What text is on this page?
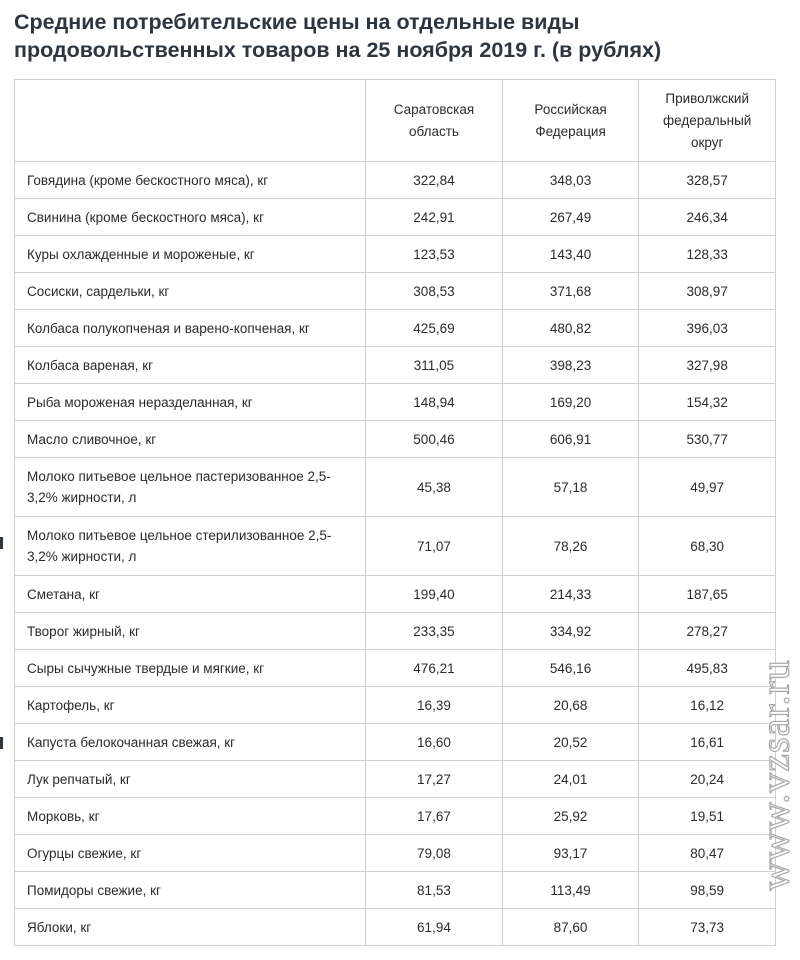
Средние потребительские цены на отдельные виды продовольственных товаров на 25 ноября 2019 г. (в рублях)
	Саратовская область	Российская Федерация	Приволжский федеральный округ
Говядина (кроме бескостного мяса), кг	322,84	348,03	328,57
Свинина (кроме бескостного мяса), кг	242,91	267,49	246,34
Куры охлажденные и мороженые, кг	123,53	143,40	128,33
Сосиски, сардельки, кг	308,53	371,68	308,97
Колбаса полукопченая и варено-копченая, кг	425,69	480,82	396,03
Колбаса вареная, кг	311,05	398,23	327,98
Рыба мороженая неразделанная, кг	148,94	169,20	154,32
Масло сливочное, кг	500,46	606,91	530,77
Молоко питьевое цельное пастеризованное 2,5-3,2% жирности, л	45,38	57,18	49,97
Молоко питьевое цельное стерилизованное 2,5-3,2% жирности, л	71,07	78,26	68,30
Сметана, кг	199,40	214,33	187,65
Творог жирный, кг	233,35	334,92	278,27
Сыры сычужные твердые и мягкие, кг	476,21	546,16	495,83
Картофель, кг	16,39	20,68	16,12
Капуста белокочанная свежая, кг	16,60	20,52	16,61
Лук репчатый, кг	17,27	24,01	20,24
Морковь, кг	17,67	25,92	19,51
Огурцы свежие, кг	79,08	93,17	80,47
Помидоры свежие, кг	81,53	113,49	98,59
Яблоки, кг	61,94	87,60	73,73
www.vzsar.ru
